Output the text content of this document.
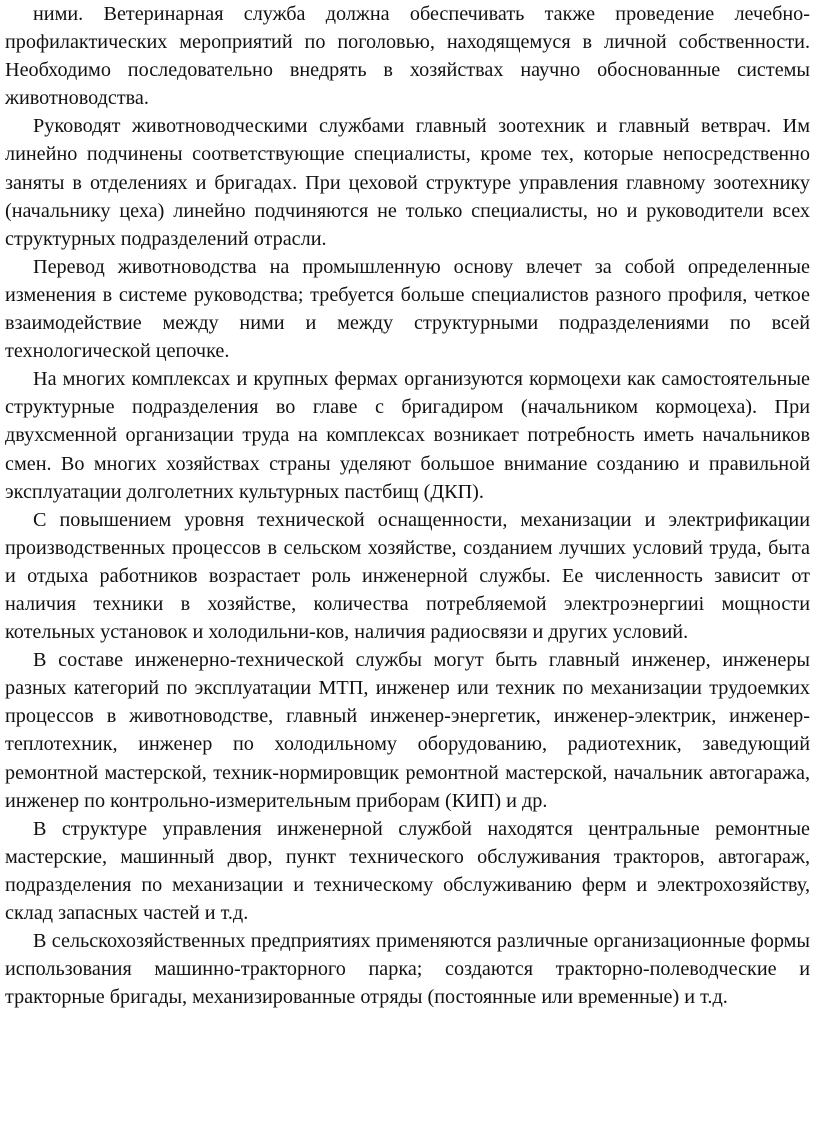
ними. Ветеринарная служба должна обеспечивать также проведение лечебно-профилактических мероприятий по поголовью, находящемуся в личной собственности. Необходимо последовательно внедрять в хозяйствах научно обоснованные системы животноводства.

Руководят животноводческими службами главный зоотехник и главный ветврач. Им линейно подчинены соответствующие специалисты, кроме тех, которые непосредственно заняты в отделениях и бригадах. При цеховой структуре управления главному зоотехнику (начальнику цеха) линейно подчиняются не только специалисты, но и руководители всех структурных подразделений отрасли.

Перевод животноводства на промышленную основу влечет за собой определенные изменения в системе руководства; требуется больше специалистов разного профиля, четкое взаимодействие между ними и между структурными подразделениями по всей технологической цепочке.

На многих комплексах и крупных фермах организуются кормоцехи как самостоятельные структурные подразделения во главе с бригадиром (начальником кормоцеха). При двухсменной организации труда на комплексах возникает потребность иметь начальников смен. Во многих хозяйствах страны уделяют большое внимание созданию и правильной эксплуатации долголетних культурных пастбищ (ДКП).

С повышением уровня технической оснащенности, механизации и электрификации производственных процессов в сельском хозяйстве, созданием лучших условий труда, быта и отдыха работников возрастает роль инженерной службы. Ее численность зависит от наличия техники в хозяйстве, количества потребляемой электроэнергииі мощности котельных установок и холодильни-ков, наличия радиосвязи и других условий.

В составе инженерно-технической службы могут быть главный инженер, инженеры разных категорий по эксплуатации МТП, инженер или техник по механизации трудоемких процессов в животноводстве, главный инженер-энергетик, инженер-электрик, инженер-теплотехник, инженер по холодильному оборудованию, радиотехник, заведующий ремонтной мастерской, техник-нормировщик ремонтной мастерской, начальник автогаража, инженер по контрольно-измерительным приборам (КИП) и др.

В структуре управления инженерной службой находятся центральные ремонтные мастерские, машинный двор, пункт технического обслуживания тракторов, автогараж, подразделения по механизации и техническому обслуживанию ферм и электрохозяйству, склад запасных частей и т.д.

В сельскохозяйственных предприятиях применяются различные организационные формы использования машинно-тракторного парка; создаются тракторно-полеводческие и тракторные бригады, механизированные отряды (постоянные или временные) и т.д.
